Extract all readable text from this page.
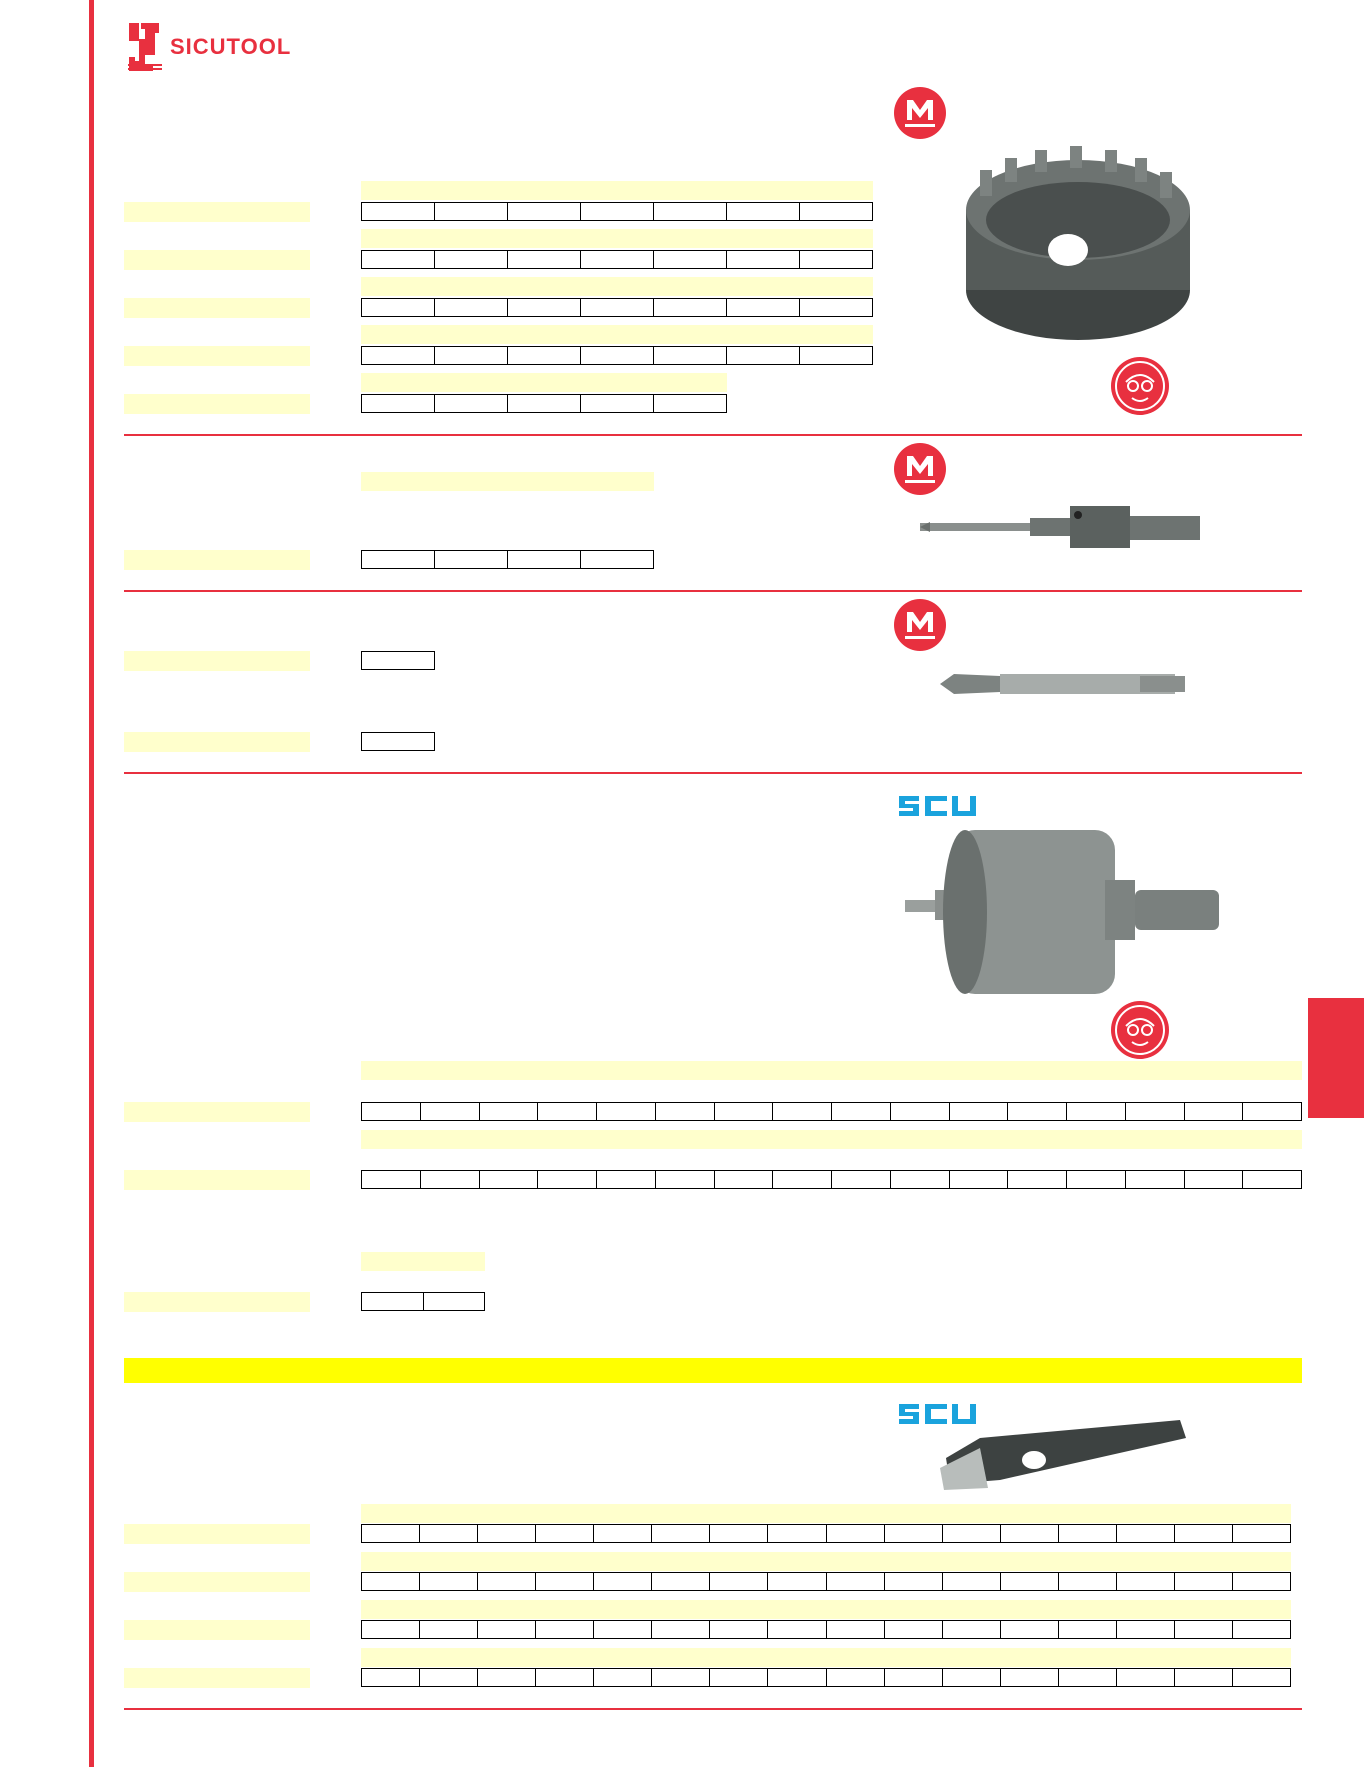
SICUTOOL
